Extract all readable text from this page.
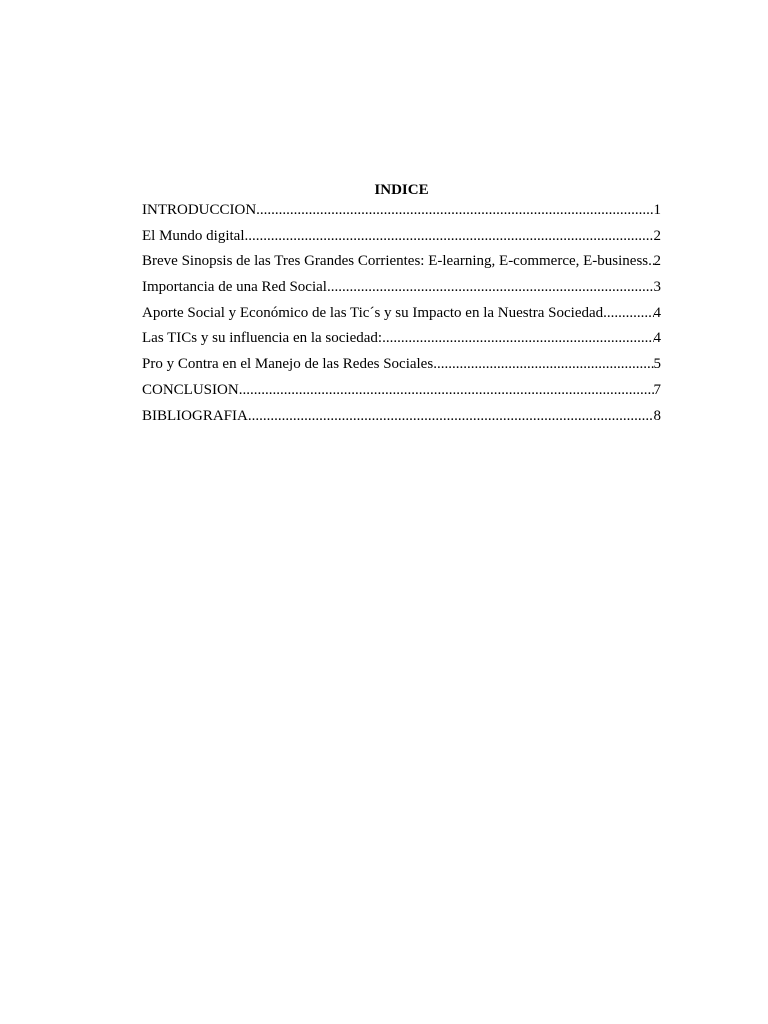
INDICE
INTRODUCCION .....	1
El Mundo digital .....	2
Breve Sinopsis de las Tres Grandes Corrientes: E-learning, E-commerce, E-business ..... 2
Importancia de una Red Social .....	3
Aporte Social y Económico de las Tic´s y su Impacto en la Nuestra Sociedad .....	4
Las TICs y su influencia en la sociedad: .....	4
Pro y Contra en el Manejo de las Redes Sociales .....	5
CONCLUSION .....	7
BIBLIOGRAFIA .....	8
